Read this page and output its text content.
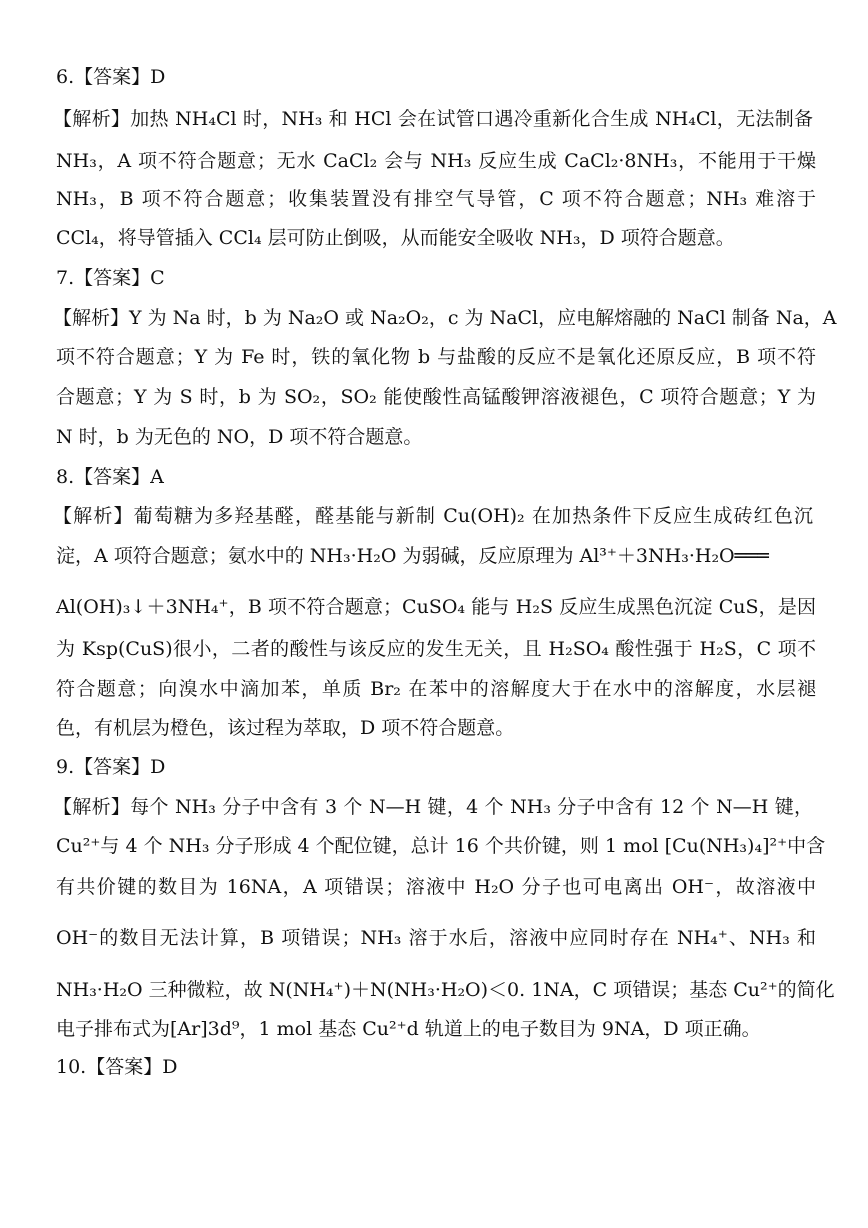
6.【答案】D
【解析】加热 NH₄Cl 时，NH₃ 和 HCl 会在试管口遇冷重新化合生成 NH₄Cl，无法制备
NH₃，A 项不符合题意；无水 CaCl₂ 会与 NH₃ 反应生成 CaCl₂·8NH₃，不能用于干燥
NH₃，B 项不符合题意；收集装置没有排空气导管，C 项不符合题意；NH₃ 难溶于
CCl₄，将导管插入 CCl₄ 层可防止倒吸，从而能安全吸收 NH₃，D 项符合题意。
7.【答案】C
【解析】Y 为 Na 时，b 为 Na₂O 或 Na₂O₂，c 为 NaCl，应电解熔融的 NaCl 制备 Na，A
项不符合题意；Y 为 Fe 时，铁的氧化物 b 与盐酸的反应不是氧化还原反应，B 项不符
合题意；Y 为 S 时，b 为 SO₂，SO₂ 能使酸性高锰酸钾溶液褪色，C 项符合题意；Y 为
N 时，b 为无色的 NO，D 项不符合题意。
8.【答案】A
【解析】葡萄糖为多羟基醛，醛基能与新制 Cu(OH)₂ 在加热条件下反应生成砖红色沉
淀，A 项符合题意；氨水中的 NH₃·H₂O 为弱碱，反应原理为 Al³⁺＋3NH₃·H₂O═══
Al(OH)₃↓＋3NH₄⁺，B 项不符合题意；CuSO₄ 能与 H₂S 反应生成黑色沉淀 CuS，是因
为 Ksp(CuS)很小，二者的酸性与该反应的发生无关，且 H₂SO₄ 酸性强于 H₂S，C 项不
符合题意；向溴水中滴加苯，单质 Br₂ 在苯中的溶解度大于在水中的溶解度，水层褪
色，有机层为橙色，该过程为萃取，D 项不符合题意。
9.【答案】D
【解析】每个 NH₃ 分子中含有 3 个 N—H 键，4 个 NH₃ 分子中含有 12 个 N—H 键，
Cu²⁺与 4 个 NH₃ 分子形成 4 个配位键，总计 16 个共价键，则 1 mol [Cu(NH₃)₄]²⁺中含
有共价键的数目为 16NA，A 项错误；溶液中 H₂O 分子也可电离出 OH⁻，故溶液中
OH⁻的数目无法计算，B 项错误；NH₃ 溶于水后，溶液中应同时存在 NH₄⁺、NH₃ 和
NH₃·H₂O 三种微粒，故 N(NH₄⁺)＋N(NH₃·H₂O)＜0. 1NA，C 项错误；基态 Cu²⁺的简化
电子排布式为[Ar]3d⁹，1 mol 基态 Cu²⁺d 轨道上的电子数目为 9NA，D 项正确。
10.【答案】D
